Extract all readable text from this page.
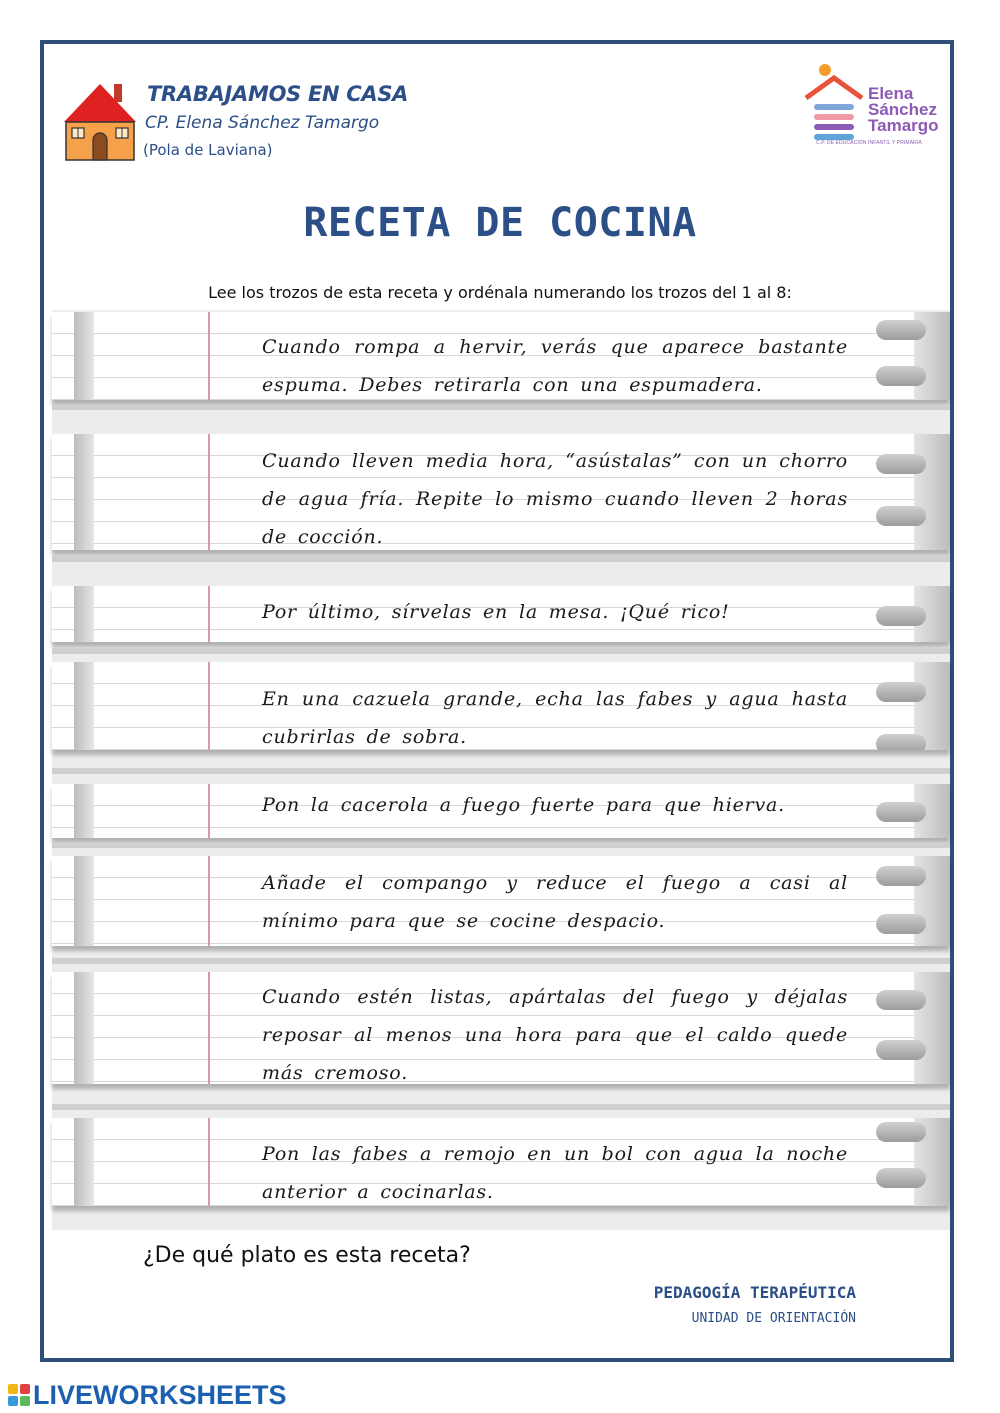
TRABAJAMOS EN CASA
CP. Elena Sánchez Tamargo
(Pola de Laviana)
Elena
Sánchez
Tamargo
C.P. DE EDUCACIÓN INFANTIL Y PRIMARIA
RECETA DE COCINA
Lee los trozos de esta receta y ordénala numerando los trozos del 1 al 8:
Cuando rompa a hervir, verás que aparece bastante espuma. Debes retirarla con una espumadera.
Cuando lleven media hora, “asústalas” con un chorro de agua fría. Repite lo mismo cuando lleven 2 horas de cocción.
Por último, sírvelas en la mesa. ¡Qué rico!
En una cazuela grande, echa las fabes y agua hasta cubrirlas de sobra.
Pon la cacerola a fuego fuerte para que hierva.
Añade el compango y reduce el fuego a casi al mínimo para que se cocine despacio.
Cuando estén listas, apártalas del fuego y déjalas reposar al menos una hora para que el caldo quede más cremoso.
Pon las fabes a remojo en un bol con agua la noche anterior a cocinarlas.
¿De qué plato es esta receta?
PEDAGOGÍA TERAPÉUTICA
UNIDAD DE ORIENTACIÓN
LIVEWORKSHEETS
